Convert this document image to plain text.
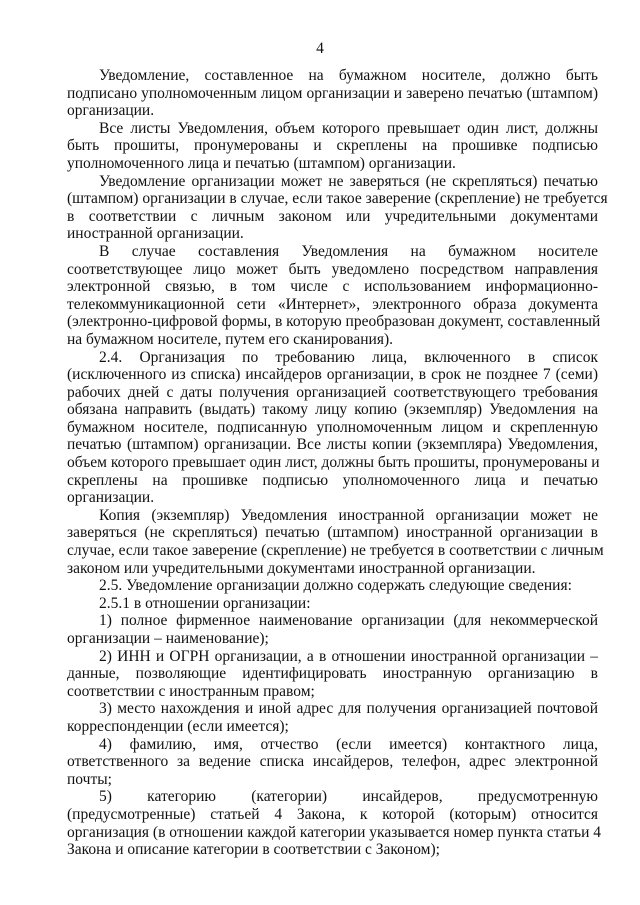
4
Уведомление, составленное на бумажном носителе, должно быть
подписано уполномоченным лицом организации и заверено печатью (штампом)
организации.
Все листы Уведомления, объем которого превышает один лист, должны
быть прошиты, пронумерованы и скреплены на прошивке подписью
уполномоченного лица и печатью (штампом) организации.
Уведомление организации может не заверяться (не скрепляться) печатью
(штампом) организации в случае, если такое заверение (скрепление) не требуется
в соответствии с личным законом или учредительными документами
иностранной организации.
В случае составления Уведомления на бумажном носителе
соответствующее лицо может быть уведомлено посредством направления
электронной связью, в том числе с использованием информационно-
телекоммуникационной сети «Интернет», электронного образа документа
(электронно-цифровой формы, в которую преобразован документ, составленный
на бумажном носителе, путем его сканирования).
2.4. Организация по требованию лица, включенного в список
(исключенного из списка) инсайдеров организации, в срок не позднее 7 (семи)
рабочих дней с даты получения организацией соответствующего требования
обязана направить (выдать) такому лицу копию (экземпляр) Уведомления на
бумажном носителе, подписанную уполномоченным лицом и скрепленную
печатью (штампом) организации. Все листы копии (экземпляра) Уведомления,
объем которого превышает один лист, должны быть прошиты, пронумерованы и
скреплены на прошивке подписью уполномоченного лица и печатью
организации.
Копия (экземпляр) Уведомления иностранной организации может не
заверяться (не скрепляться) печатью (штампом) иностранной организации в
случае, если такое заверение (скрепление) не требуется в соответствии с личным
законом или учредительными документами иностранной организации.
2.5. Уведомление организации должно содержать следующие сведения:
2.5.1 в отношении организации:
1) полное фирменное наименование организации (для некоммерческой
организации – наименование);
2) ИНН и ОГРН организации, а в отношении иностранной организации –
данные, позволяющие идентифицировать иностранную организацию в
соответствии с иностранным правом;
3) место нахождения и иной адрес для получения организацией почтовой
корреспонденции (если имеется);
4) фамилию, имя, отчество (если имеется) контактного лица,
ответственного за ведение списка инсайдеров, телефон, адрес электронной
почты;
5) категорию (категории) инсайдеров, предусмотренную
(предусмотренные) статьей 4 Закона, к которой (которым) относится
организация (в отношении каждой категории указывается номер пункта статьи 4
Закона и описание категории в соответствии с Законом);
